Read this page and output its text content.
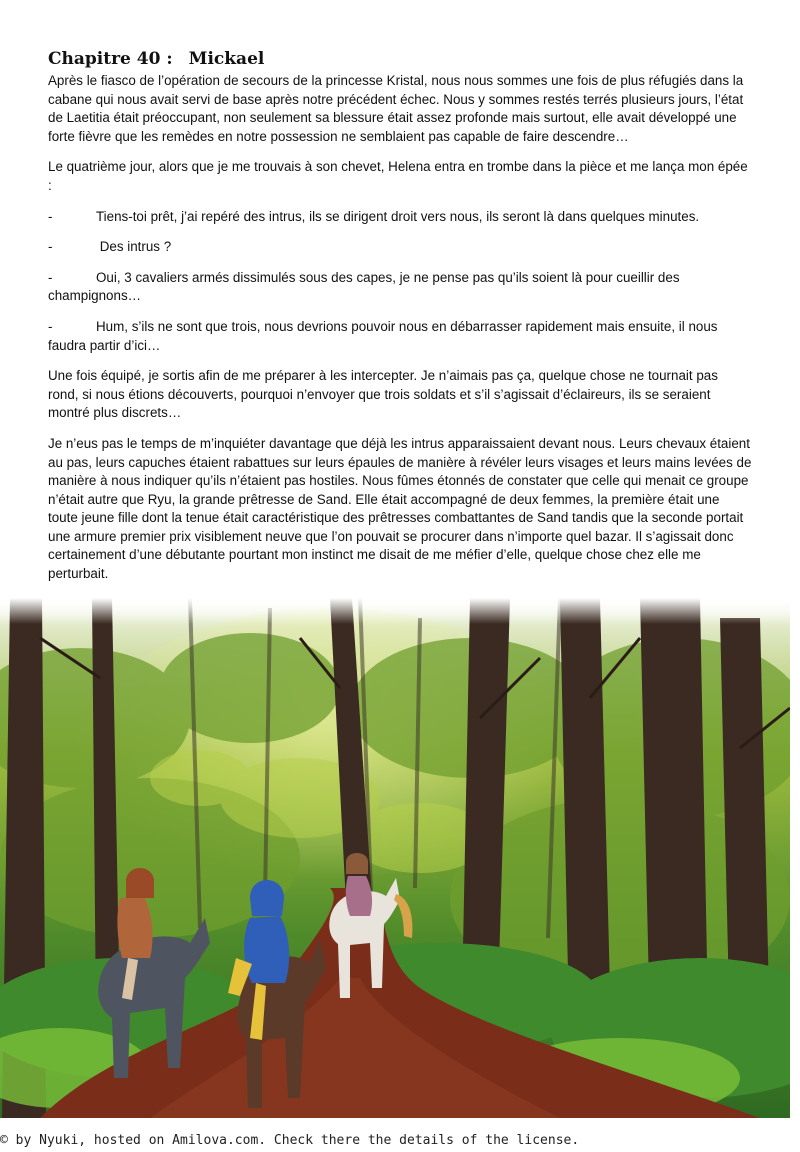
Chapitre 40 : Mickael

Après le fiasco de l’opération de secours de la princesse Kristal, nous nous sommes une fois de plus réfugiés dans la cabane qui nous avait servi de base après notre précédent échec. Nous y sommes restés terrés plusieurs jours, l’état de Laetitia était préoccupant, non seulement sa blessure était assez profonde mais surtout, elle avait développé une forte fièvre que les remèdes en notre possession ne semblaient pas capable de faire descendre…

Le quatrième jour, alors que je me trouvais à son chevet, Helena entra en trombe dans la pièce et me lança mon épée :

-	Tiens-toi prêt, j’ai repéré des intrus, ils se dirigent droit vers nous, ils seront là dans quelques minutes.

-	Des intrus ?

-	Oui, 3 cavaliers armés dissimulés sous des capes, je ne pense pas qu’ils soient là pour cueillir des champignons…

-	Hum, s’ils ne sont que trois, nous devrions pouvoir nous en débarrasser rapidement mais ensuite, il nous faudra partir d’ici…

Une fois équipé, je sortis afin de me préparer à les intercepter. Je n’aimais pas ça, quelque chose ne tournait pas rond, si nous étions découverts, pourquoi n’envoyer que trois soldats et s’il s’agissait d’éclaireurs, ils se seraient montré plus discrets…

Je n’eus pas le temps de m’inquiéter davantage que déjà les intrus apparaissaient devant nous. Leurs chevaux étaient au pas, leurs capuches étaient rabattues sur leurs épaules de manière à révéler leurs visages et leurs mains levées de manière à nous indiquer qu’ils n’étaient pas hostiles. Nous fûmes étonnés de constater que celle qui menait ce groupe n’était autre que Ryu, la grande prêtresse de Sand. Elle était accompagné de deux femmes, la première était une toute jeune fille dont la tenue était caractéristique des prêtresses combattantes de Sand tandis que la seconde portait une armure premier prix visiblement neuve que l’on pouvait se procurer dans n’importe quel bazar. Il s’agissait donc certainement d’une débutante pourtant mon instinct me disait de me méfier d’elle, quelque chose chez elle me perturbait.

© by Nyuki, hosted on Amilova.com. Check there the details of the license.
